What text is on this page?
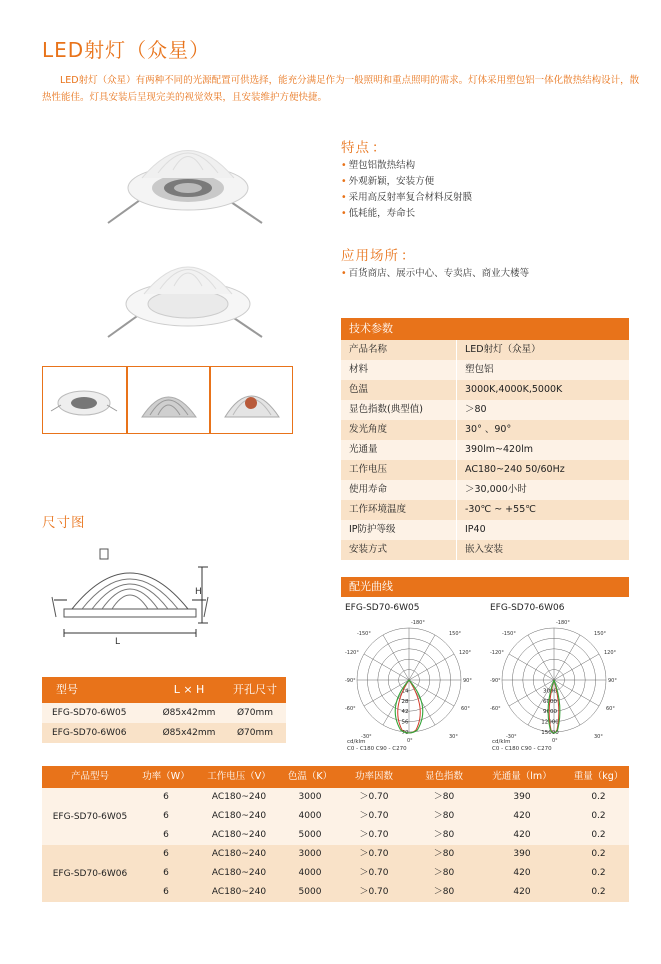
LED射灯（众星）
LED射灯（众星）有两种不同的光源配置可供选择，能充分满足作为一般照明和重点照明的需求。灯体采用塑包铝一体化散热结构设计，散热性能佳。灯具安装后呈现完美的视觉效果，且安装维护方便快捷。
特点 ：
• 塑包铝散热结构
• 外观新颖，安装方便
• 采用高反射率复合材料反射膜
• 低耗能，寿命长
应用场所 ：
• 百货商店、展示中心、专卖店、商业大楼等
技术参数
产品名称	LED射灯（众星）
材料	塑包铝
色温	3000K,4000K,5000K
显色指数(典型值)	＞80
发光角度	30° 、90°
光通量	390lm~420lm
工作电压	AC180~240 50/60Hz
使用寿命	＞30,000小时
工作环境温度	-30℃ ~ +55℃
IP防护等级	IP40
安装方式	嵌入安装
尺寸图
H
L
配光曲线
EFG-SD70-6W05	EFG-SD70-6W06
-180°
-150°	150°
-120°	120°
-90°	90°
-60°	60°
-30°
0°
30°
14
28
42
56
70
-180°
-150°	150°
-120°	120°
-90°	90°
-60°	60°
-30°
0°
30°
3000
6000
9000
12000
15000
cd/klm
C0 - C180 C90 - C270
cd/klm
C0 - C180 C90 - C270
型号	L × H	开孔尺寸
EFG-SD70-6W05	Ø85x42mm	Ø70mm
EFG-SD70-6W06	Ø85x42mm	Ø70mm
产品型号	功率（W）	工作电压（V）	色温（K）	功率因数	显色指数	光通量（lm）	重量（kg）
EFG-SD70-6W05
6	AC180~240	3000	＞0.70	＞80	390	0.2
6	AC180~240	4000	＞0.70	＞80	420	0.2
6	AC180~240	5000	＞0.70	＞80	420	0.2
EFG-SD70-6W06
6	AC180~240	3000	＞0.70	＞80	390	0.2
6	AC180~240	4000	＞0.70	＞80	420	0.2
6	AC180~240	5000	＞0.70	＞80	420	0.2
